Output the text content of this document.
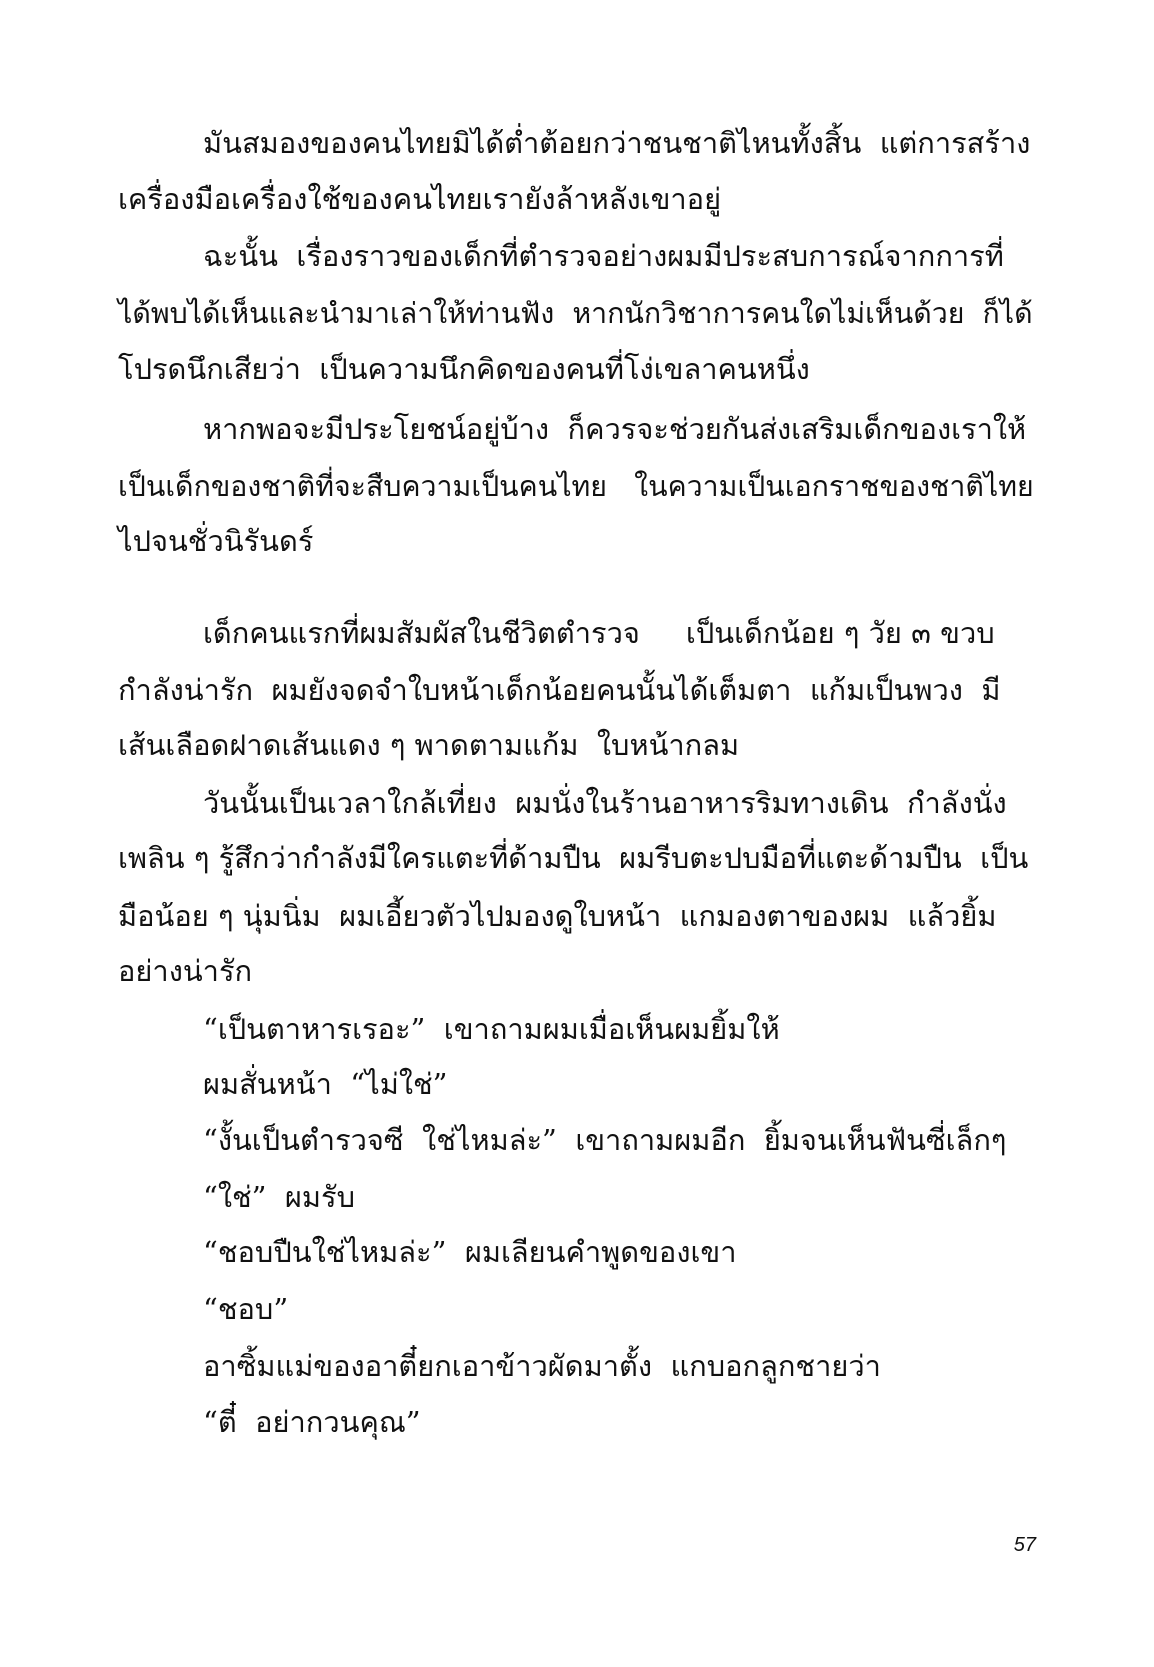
มันสมองของคนไทยมิได้ต่ำต้อยกว่าชนชาติไหนทั้งสิ้น  แต่การสร้าง
เครื่องมือเครื่องใช้ของคนไทยเรายังล้าหลังเขาอยู่
ฉะนั้น  เรื่องราวของเด็กที่ตำรวจอย่างผมมีประสบการณ์จากการที่
ได้พบได้เห็นและนำมาเล่าให้ท่านฟัง  หากนักวิชาการคนใดไม่เห็นด้วย  ก็ได้
โปรดนึกเสียว่า  เป็นความนึกคิดของคนที่โง่เขลาคนหนึ่ง
หากพอจะมีประโยชน์อยู่บ้าง  ก็ควรจะช่วยกันส่งเสริมเด็กของเราให้
เป็นเด็กของชาติที่จะสืบความเป็นคนไทย   ในความเป็นเอกราชของชาติไทย
ไปจนชั่วนิรันดร์
เด็กคนแรกที่ผมสัมผัสในชีวิตตำรวจ     เป็นเด็กน้อย ๆ วัย ๓ ขวบ
กำลังน่ารัก  ผมยังจดจำใบหน้าเด็กน้อยคนนั้นได้เต็มตา  แก้มเป็นพวง  มี
เส้นเลือดฝาดเส้นแดง ๆ พาดตามแก้ม  ใบหน้ากลม
วันนั้นเป็นเวลาใกล้เที่ยง  ผมนั่งในร้านอาหารริมทางเดิน  กำลังนั่ง
เพลิน ๆ รู้สึกว่ากำลังมีใครแตะที่ด้ามปืน  ผมรีบตะปบมือที่แตะด้ามปืน  เป็น
มือน้อย ๆ นุ่มนิ่ม  ผมเอี้ยวตัวไปมองดูใบหน้า  แกมองตาของผม  แล้วยิ้ม
อย่างน่ารัก
“เป็นตาหารเรอะ”  เขาถามผมเมื่อเห็นผมยิ้มให้
ผมสั่นหน้า  “ไม่ใช่”
“งั้นเป็นตำรวจซี  ใช่ไหมล่ะ”  เขาถามผมอีก  ยิ้มจนเห็นฟันซี่เล็กๆ
“ใช่”  ผมรับ
“ชอบปืนใช่ไหมล่ะ”  ผมเลียนคำพูดของเขา
“ชอบ”
อาซิ้มแม่ของอาตี๋ยกเอาข้าวผัดมาตั้ง  แกบอกลูกชายว่า
“ตี๋  อย่ากวนคุณ”
57
